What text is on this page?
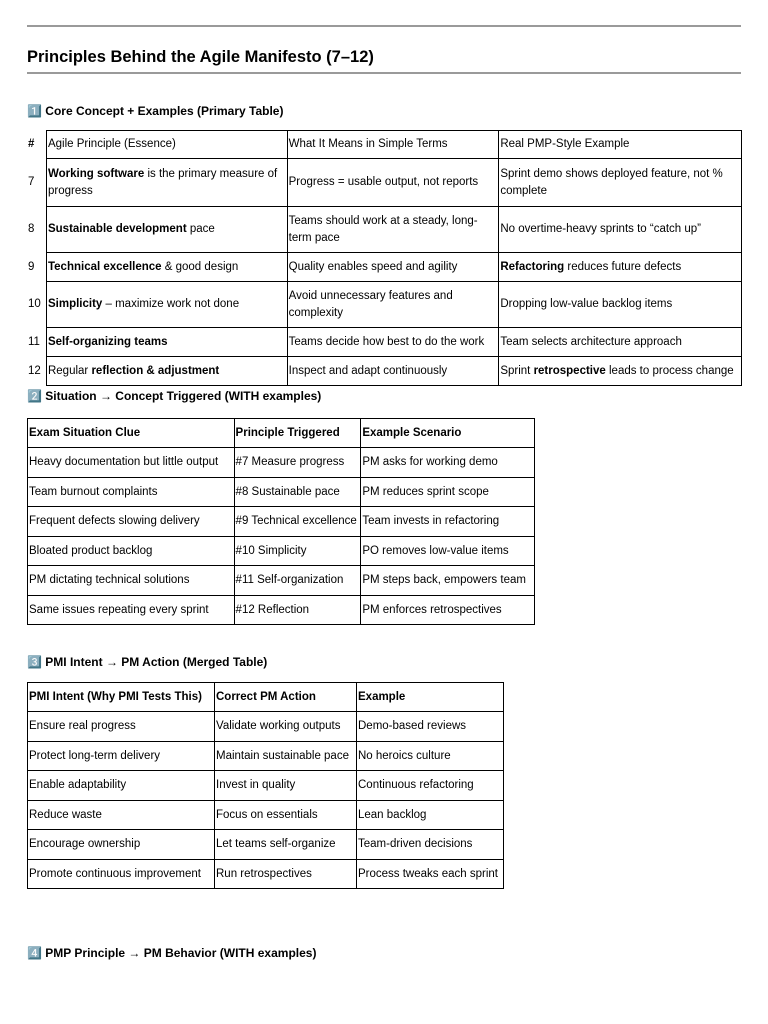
Principles Behind the Agile Manifesto (7–12)
1️⃣ Core Concept + Examples (Primary Table)
#	Agile Principle (Essence)	What It Means in Simple Terms	Real PMP-Style Example
7	Working software is the primary measure of progress	Progress = usable output, not reports	Sprint demo shows deployed feature, not % complete
8	Sustainable development pace	Teams should work at a steady, long-term pace	No overtime-heavy sprints to “catch up”
9	Technical excellence & good design	Quality enables speed and agility	Refactoring reduces future defects
10	Simplicity – maximize work not done	Avoid unnecessary features and complexity	Dropping low-value backlog items
11	Self-organizing teams	Teams decide how best to do the work	Team selects architecture approach
12	Regular reflection & adjustment	Inspect and adapt continuously	Sprint retrospective leads to process change
2️⃣ Situation → Concept Triggered (WITH examples)
Exam Situation Clue	Principle Triggered	Example Scenario
Heavy documentation but little output	#7 Measure progress	PM asks for working demo
Team burnout complaints	#8 Sustainable pace	PM reduces sprint scope
Frequent defects slowing delivery	#9 Technical excellence	Team invests in refactoring
Bloated product backlog	#10 Simplicity	PO removes low-value items
PM dictating technical solutions	#11 Self-organization	PM steps back, empowers team
Same issues repeating every sprint	#12 Reflection	PM enforces retrospectives
3️⃣ PMI Intent → PM Action (Merged Table)
PMI Intent (Why PMI Tests This)	Correct PM Action	Example
Ensure real progress	Validate working outputs	Demo-based reviews
Protect long-term delivery	Maintain sustainable pace	No heroics culture
Enable adaptability	Invest in quality	Continuous refactoring
Reduce waste	Focus on essentials	Lean backlog
Encourage ownership	Let teams self-organize	Team-driven decisions
Promote continuous improvement	Run retrospectives	Process tweaks each sprint
4️⃣ PMP Principle → PM Behavior (WITH examples)
